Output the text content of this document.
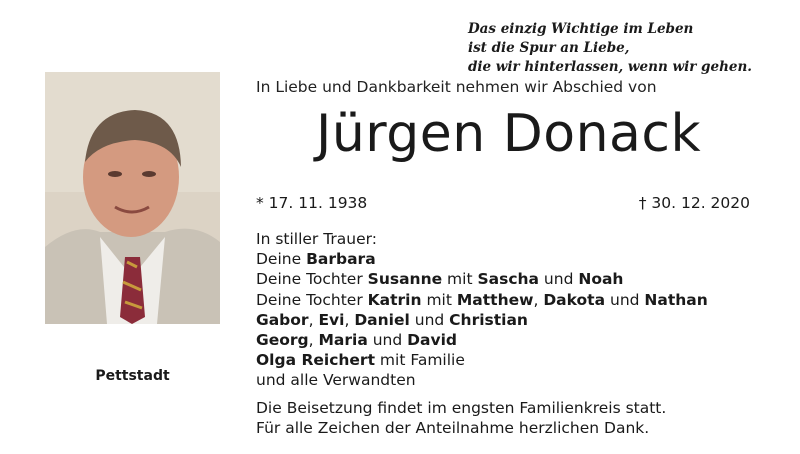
Das einzig Wichtige im Leben
ist die Spur an Liebe,
die wir hinterlassen, wenn wir gehen.
Pettstadt
In Liebe und Dankbarkeit nehmen wir Abschied von
Jürgen Donack
* 17. 11. 1938	† 30. 12. 2020
In stiller Trauer:
Deine Barbara
Deine Tochter Susanne mit Sascha und Noah
Deine Tochter Katrin mit Matthew, Dakota und Nathan
Gabor, Evi, Daniel und Christian
Georg, Maria und David
Olga Reichert mit Familie
und alle Verwandten
Die Beisetzung findet im engsten Familienkreis statt.
Für alle Zeichen der Anteilnahme herzlichen Dank.
